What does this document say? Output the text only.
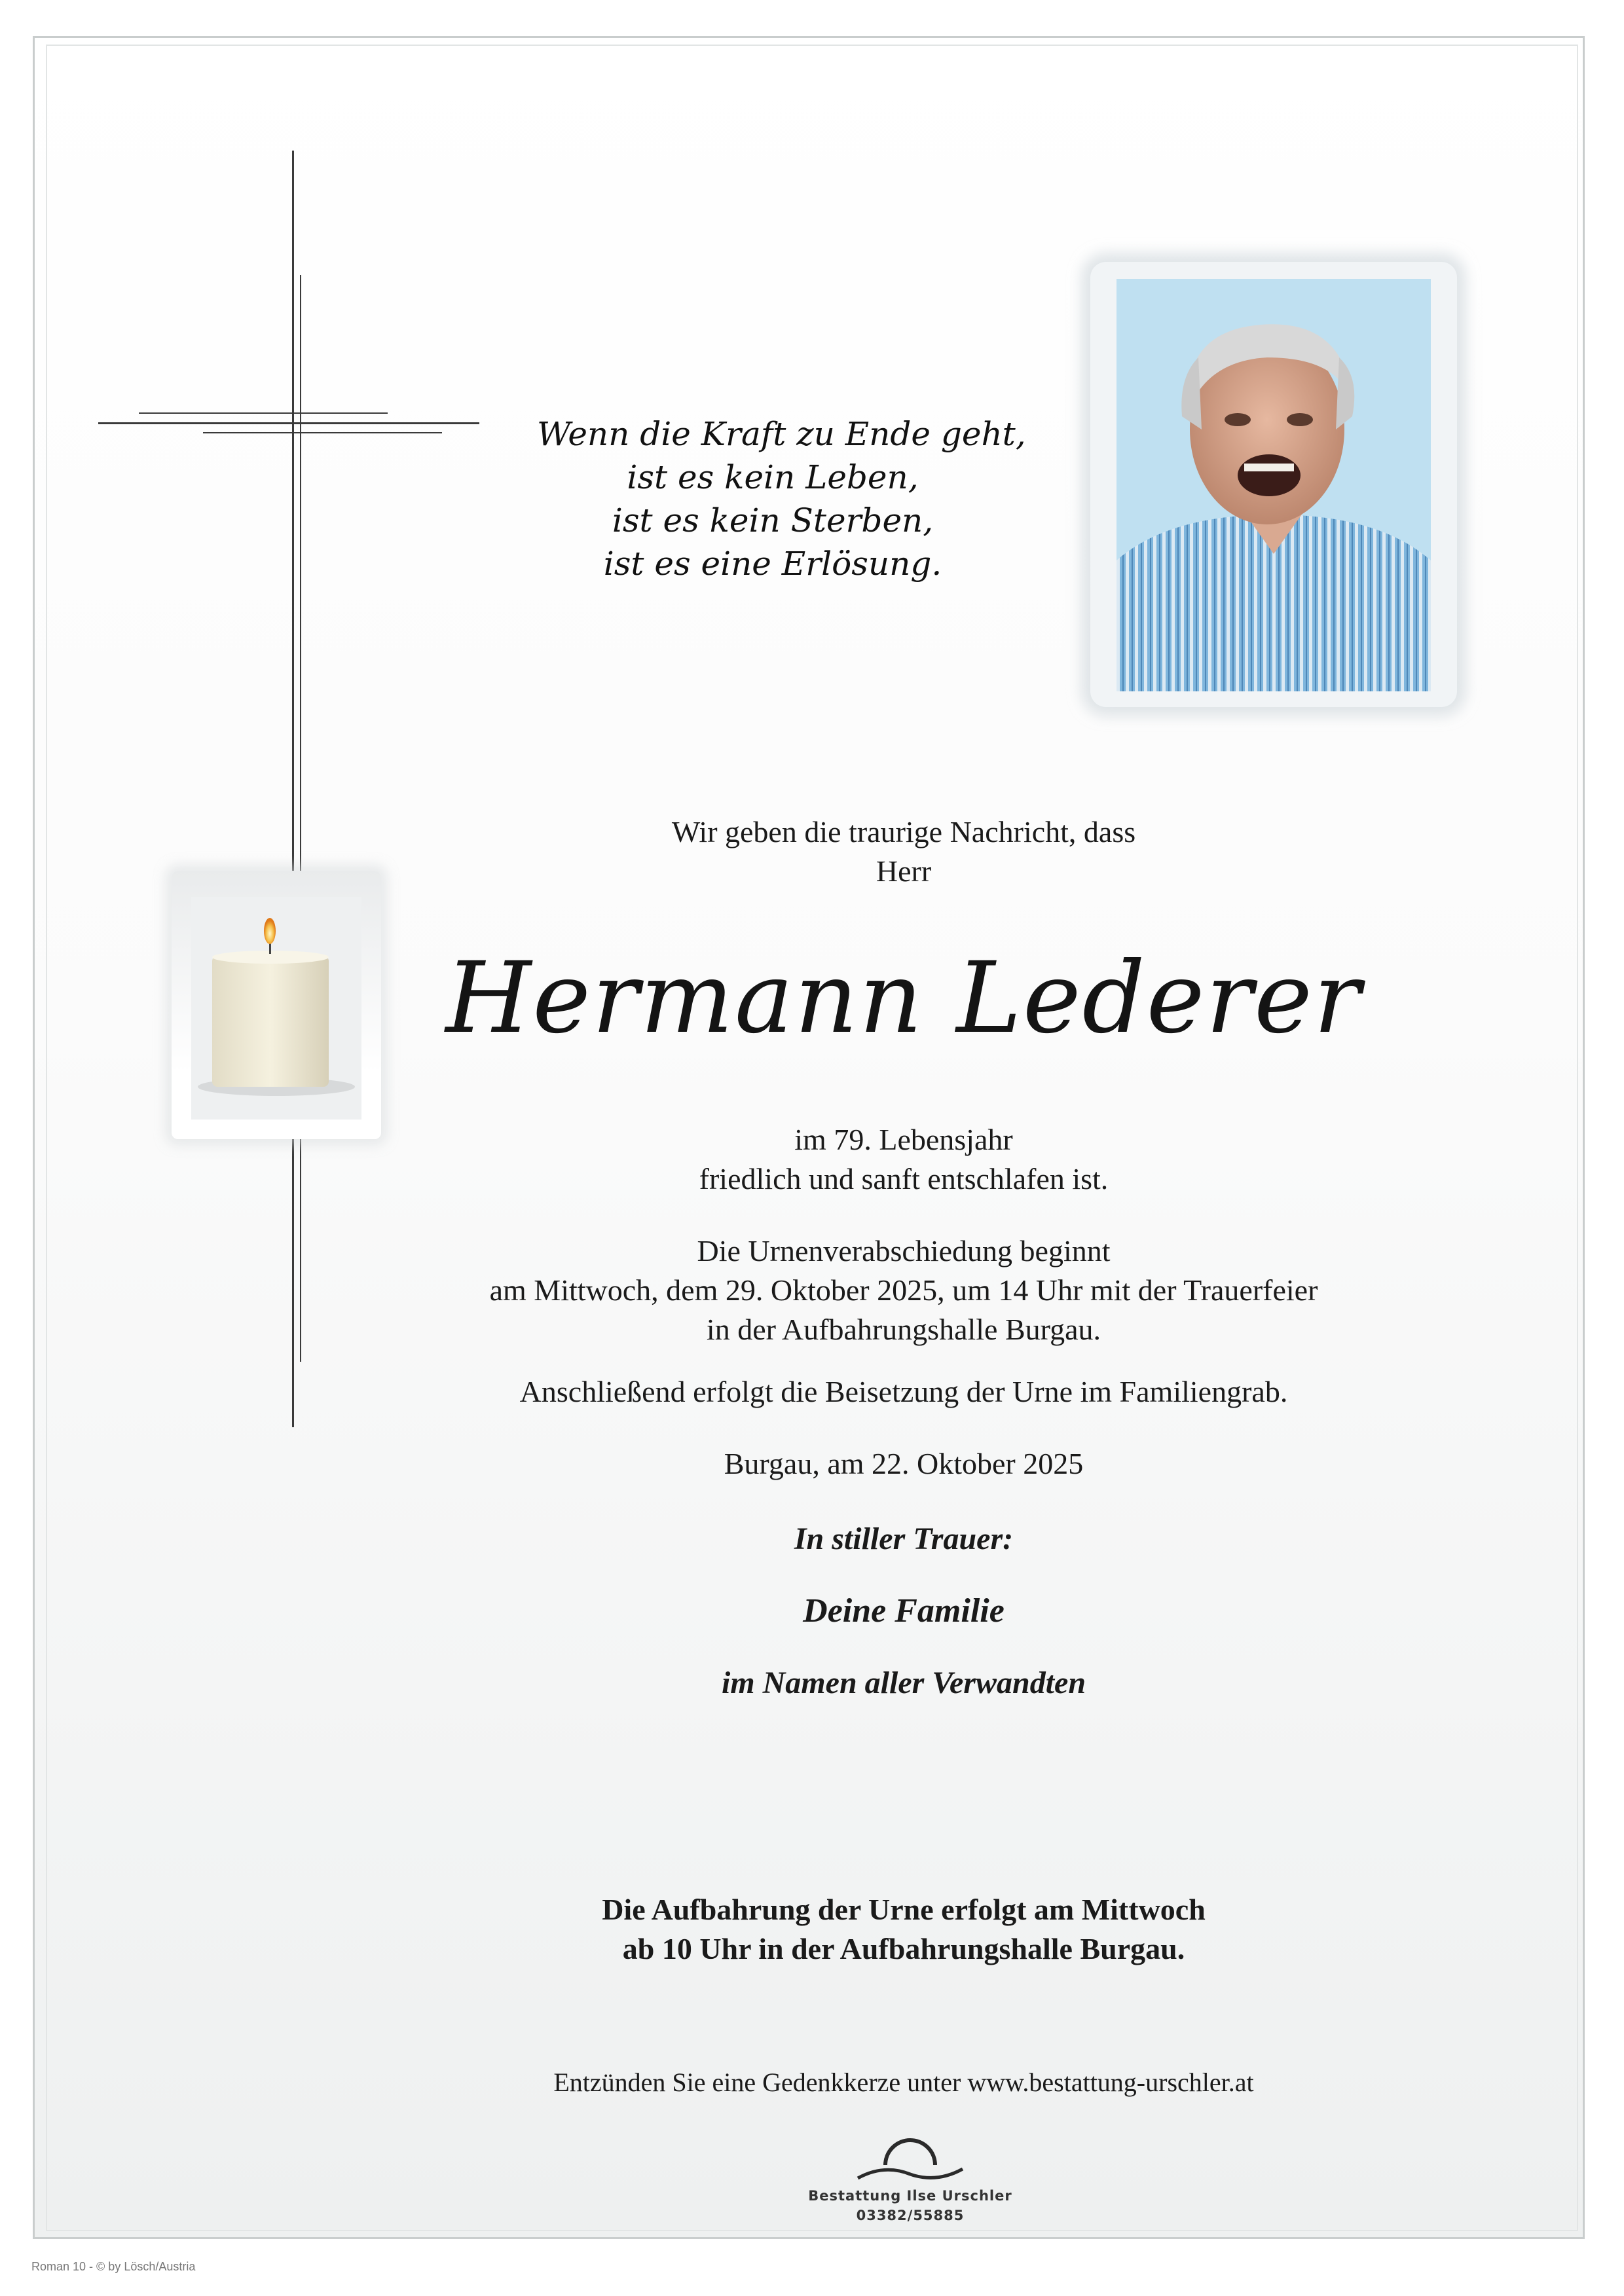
Wenn die Kraft zu Ende geht,
ist es kein Leben,
ist es kein Sterben,
ist es eine Erlösung.
Wir geben die traurige Nachricht, dass
Herr
Hermann Lederer
im 79. Lebensjahr
friedlich und sanft entschlafen ist.
Die Urnenverabschiedung beginnt
am Mittwoch, dem 29. Oktober 2025, um 14 Uhr mit der Trauerfeier
in der Aufbahrungshalle Burgau.
Anschließend erfolgt die Beisetzung der Urne im Familiengrab.
Burgau, am 22. Oktober 2025
In stiller Trauer:
Deine Familie
im Namen aller Verwandten
Die Aufbahrung der Urne erfolgt am Mittwoch
ab 10 Uhr in der Aufbahrungshalle Burgau.
Entzünden Sie eine Gedenkkerze unter www.bestattung-urschler.at
Bestattung Ilse Urschler
03382/55885
Roman 10 - © by Lösch/Austria
